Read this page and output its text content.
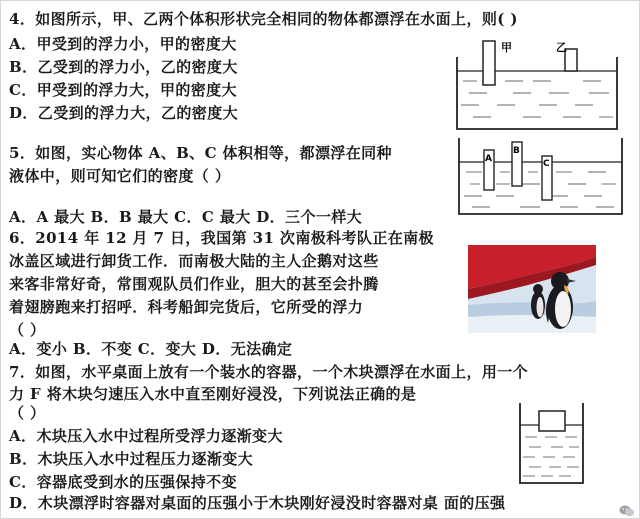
4．如图所示，甲、乙两个体积形状完全相同的物体都漂浮在水面上，则( )
A．甲受到的浮力小，甲的密度大
B．乙受到的浮力小，乙的密度大
C．甲受到的浮力大，甲的密度大
D．乙受到的浮力大，乙的密度大
甲	乙
5．如图，实心物体 A、B、C 体积相等，都漂浮在同种
液体中，则可知它们的密度（ ）
A．A 最大 B．B 最大 C．C 最大 D．三个一样大
A
B
C
6．2014 年 12 月 7 日，我国第 31 次南极科考队正在南极
冰盖区域进行卸货工作．而南极大陆的主人企鹅对这些
来客非常好奇，常围观队员们作业，胆大的甚至会扑腾
着翅膀跑来打招呼．科考船卸完货后，它所受的浮力
（ ）
A．变小 B．不变 C．变大 D．无法确定
7．如图，水平桌面上放有一个装水的容器，一个木块漂浮在水面上，用一个
力 F 将木块匀速压入水中直至刚好浸没，下列说法正确的是
（ ）
A．木块压入水中过程所受浮力逐渐变大
B．木块压入水中过程压力逐渐变大
C．容器底受到水的压强保持不变
D．木块漂浮时容器对桌面的压强小于木块刚好浸没时容器对桌 面的压强
